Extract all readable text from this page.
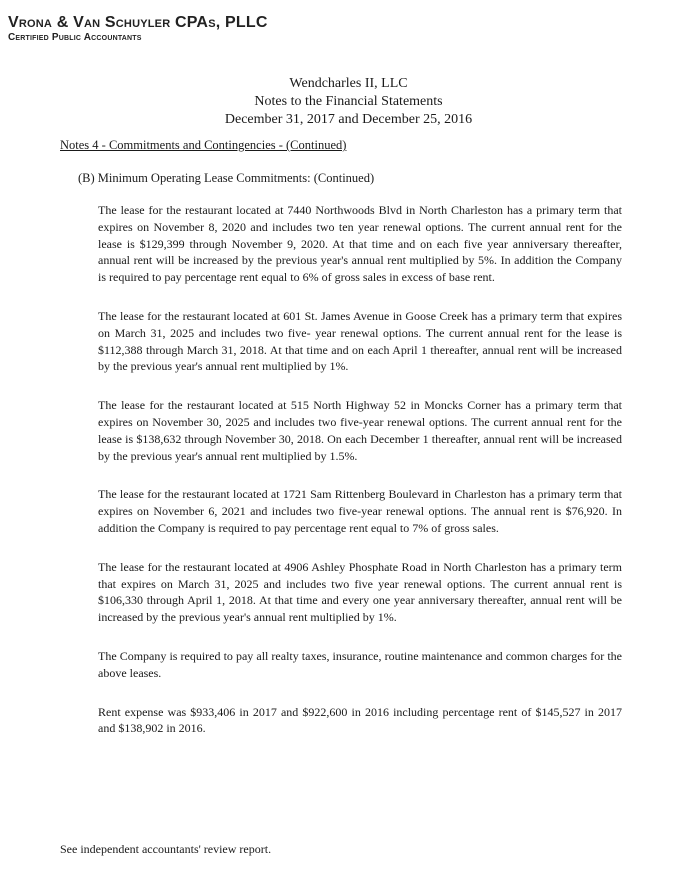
Vrona & Van Schuyler CPAs, PLLC
Certified Public Accountants
Wendcharles II, LLC
Notes to the Financial Statements
December 31, 2017 and December 25, 2016
Notes 4 - Commitments and Contingencies - (Continued)
(B) Minimum Operating Lease Commitments: (Continued)

The lease for the restaurant located at 7440 Northwoods Blvd in North Charleston has a primary term that expires on November 8, 2020 and includes two ten year renewal options. The current annual rent for the lease is $129,399 through November 9, 2020. At that time and on each five year anniversary thereafter, annual rent will be increased by the previous year's annual rent multiplied by 5%. In addition the Company is required to pay percentage rent equal to 6% of gross sales in excess of base rent.

The lease for the restaurant located at 601 St. James Avenue in Goose Creek has a primary term that expires on March 31, 2025 and includes two five- year renewal options. The current annual rent for the lease is $112,388 through March 31, 2018. At that time and on each April 1 thereafter, annual rent will be increased by the previous year's annual rent multiplied by 1%.

The lease for the restaurant located at 515 North Highway 52 in Moncks Corner has a primary term that expires on November 30, 2025 and includes two five-year renewal options. The current annual rent for the lease is $138,632 through November 30, 2018. On each December 1 thereafter, annual rent will be increased by the previous year's annual rent multiplied by 1.5%.

The lease for the restaurant located at 1721 Sam Rittenberg Boulevard in Charleston has a primary term that expires on November 6, 2021 and includes two five-year renewal options. The annual rent is $76,920. In addition the Company is required to pay percentage rent equal to 7% of gross sales.

The lease for the restaurant located at 4906 Ashley Phosphate Road in North Charleston has a primary term that expires on March 31, 2025 and includes two five year renewal options. The current annual rent is $106,330 through April 1, 2018. At that time and every one year anniversary thereafter, annual rent will be increased by the previous year's annual rent multiplied by 1%.

The Company is required to pay all realty taxes, insurance, routine maintenance and common charges for the above leases.

Rent expense was $933,406 in 2017 and $922,600 in 2016 including percentage rent of $145,527 in 2017 and $138,902 in 2016.

See independent accountants' review report.
